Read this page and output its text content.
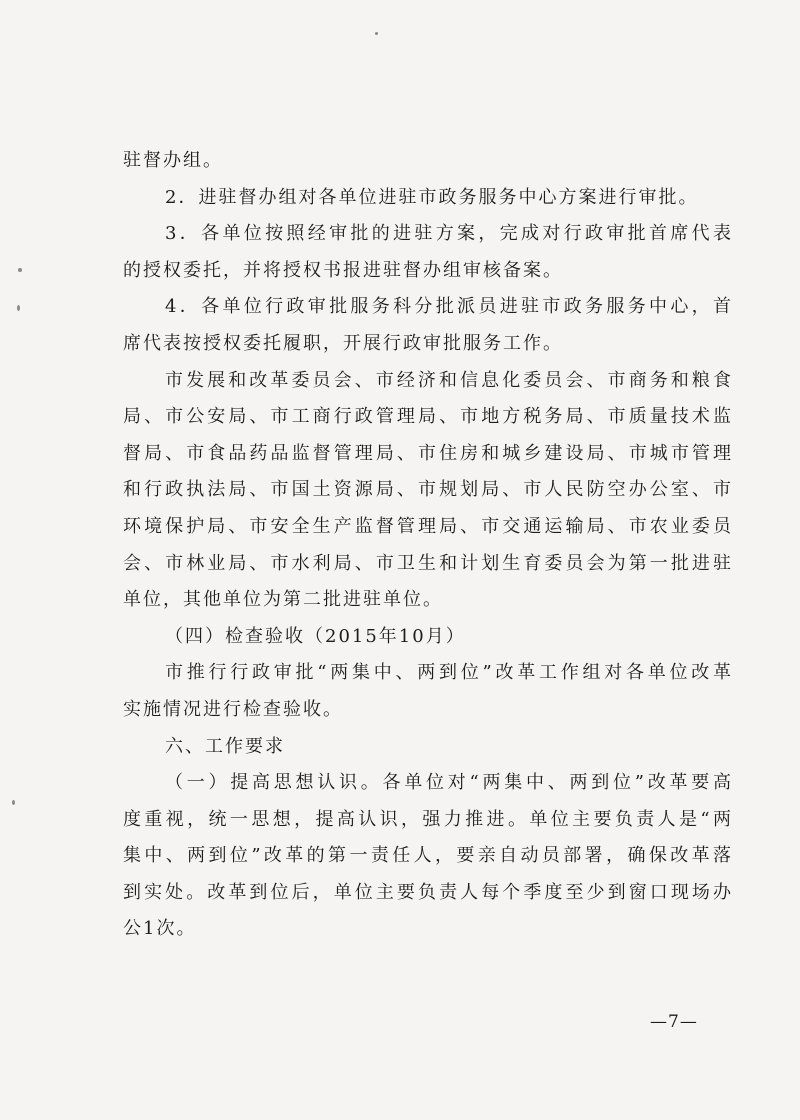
驻督办组。
2．进驻督办组对各单位进驻市政务服务中心方案进行审批。
3．各单位按照经审批的进驻方案，完成对行政审批首席代表
的授权委托，并将授权书报进驻督办组审核备案。
4．各单位行政审批服务科分批派员进驻市政务服务中心，首
席代表按授权委托履职，开展行政审批服务工作。
市发展和改革委员会、市经济和信息化委员会、市商务和粮食
局、市公安局、市工商行政管理局、市地方税务局、市质量技术监
督局、市食品药品监督管理局、市住房和城乡建设局、市城市管理
和行政执法局、市国土资源局、市规划局、市人民防空办公室、市
环境保护局、市安全生产监督管理局、市交通运输局、市农业委员
会、市林业局、市水利局、市卫生和计划生育委员会为第一批进驻
单位，其他单位为第二批进驻单位。
（四）检查验收（2015年10月）
市推行行政审批“两集中、两到位”改革工作组对各单位改革
实施情况进行检查验收。
六、工作要求
（一）提高思想认识。各单位对“两集中、两到位”改革要高
度重视，统一思想，提高认识，强力推进。单位主要负责人是“两
集中、两到位”改革的第一责任人，要亲自动员部署，确保改革落
到实处。改革到位后，单位主要负责人每个季度至少到窗口现场办
公1次。
—7—
